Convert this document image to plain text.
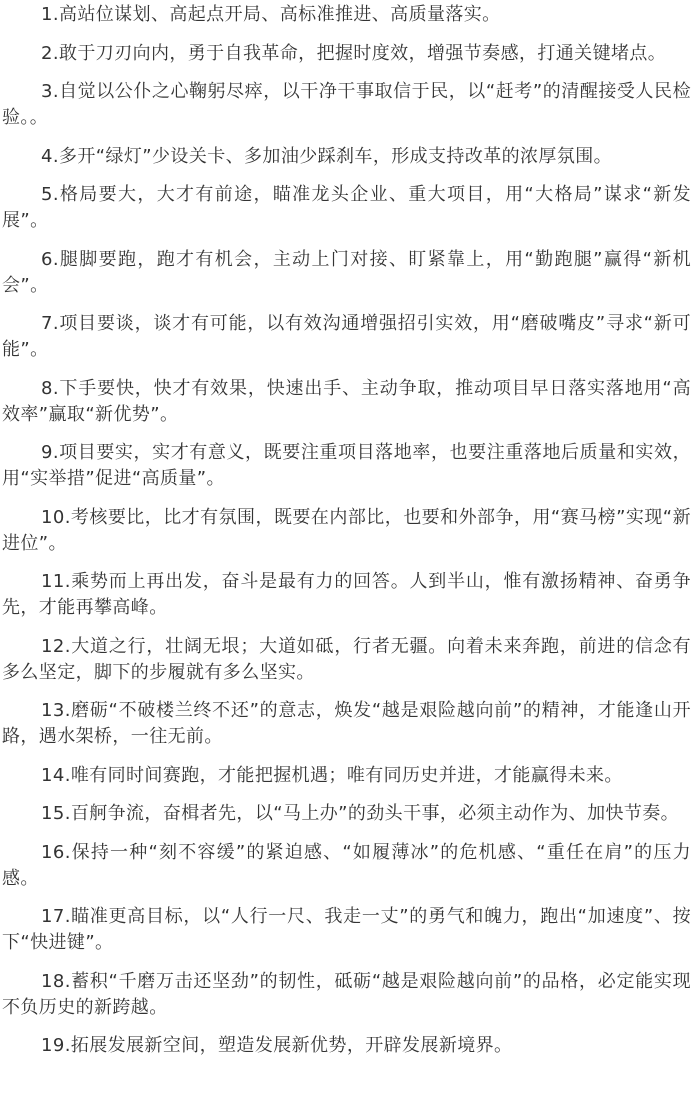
1.高站位谋划、高起点开局、高标准推进、高质量落实。

2.敢于刀刃向内，勇于自我革命，把握时度效，增强节奏感，打通关键堵点。

3.自觉以公仆之心鞠躬尽瘁，以干净干事取信于民，以“赶考”的清醒接受人民检验。。

4.多开“绿灯”少设关卡、多加油少踩刹车，形成支持改革的浓厚氛围。

5.格局要大，大才有前途，瞄准龙头企业、重大项目，用“大格局”谋求“新发展”。

6.腿脚要跑，跑才有机会，主动上门对接、盯紧靠上，用“勤跑腿”赢得“新机会”。

7.项目要谈，谈才有可能，以有效沟通增强招引实效，用“磨破嘴皮”寻求“新可能”。

8.下手要快，快才有效果，快速出手、主动争取，推动项目早日落实落地用“高效率”赢取“新优势”。

9.项目要实，实才有意义，既要注重项目落地率，也要注重落地后质量和实效，用“实举措”促进“高质量”。

10.考核要比，比才有氛围，既要在内部比，也要和外部争，用“赛马榜”实现“新进位”。

11.乘势而上再出发，奋斗是最有力的回答。人到半山，惟有激扬精神、奋勇争先，才能再攀高峰。

12.大道之行，壮阔无垠；大道如砥，行者无疆。向着未来奔跑，前进的信念有多么坚定，脚下的步履就有多么坚实。

13.磨砺“不破楼兰终不还”的意志，焕发“越是艰险越向前”的精神，才能逢山开路，遇水架桥，一往无前。

14.唯有同时间赛跑，才能把握机遇；唯有同历史并进，才能赢得未来。

15.百舸争流，奋楫者先，以“马上办”的劲头干事，必须主动作为、加快节奏。

16.保持一种“刻不容缓”的紧迫感、“如履薄冰”的危机感、“重任在肩”的压力感。

17.瞄准更高目标，以“人行一尺、我走一丈”的勇气和魄力，跑出“加速度”、按下“快进键”。

18.蓄积“千磨万击还坚劲”的韧性，砥砺“越是艰险越向前”的品格，必定能实现不负历史的新跨越。

19.拓展发展新空间，塑造发展新优势，开辟发展新境界。
